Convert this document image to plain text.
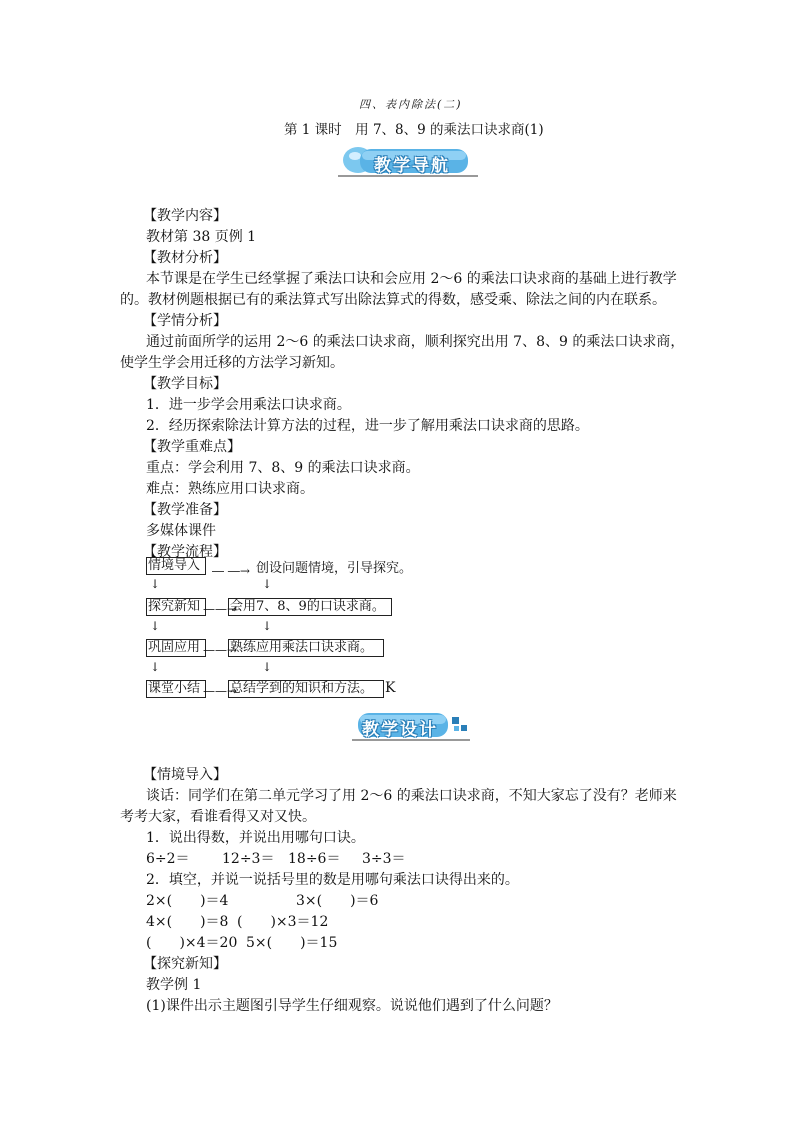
四、表内除法(二)
第 1 课时　用 7、8、9 的乘法口诀求商(1)
教学导航
【教学内容】
教材第 38 页例 1
【教材分析】
本节课是在学生已经掌握了乘法口诀和会应用 2～6 的乘法口诀求商的基础上进行教学
的。教材例题根据已有的乘法算式写出除法算式的得数，感受乘、除法之间的内在联系。
【学情分析】
通过前面所学的运用 2～6 的乘法口诀求商，顺利探究出用 7、8、9 的乘法口诀求商，
使学生学会用迁移的方法学习新知。
【教学目标】
1．进一步学会用乘法口诀求商。
2．经历探索除法计算方法的过程，进一步了解用乘法口诀求商的思路。
【教学重难点】
重点：学会利用 7、8、9 的乘法口诀求商。
难点：熟练应用口诀求商。
【教学准备】
多媒体课件
【教学流程】
情境导入 ― ―→ 创设问题情境，引导探究。
↓	↓
探究新知 ——→
会用7、8、9的口诀求商。
↓	↓
巩固应用 ——→
熟练应用乘法口诀求商。
↓	↓
课堂小结 ——→
总结学到的知识和方法。 K
教学设计
【情境导入】
谈话：同学们在第二单元学习了用 2～6 的乘法口诀求商，不知大家忘了没有？老师来
考考大家，看谁看得又对又快。
1．说出得数，并说出用哪句口诀。
6÷2＝ 12÷3＝ 18÷6＝ 3÷3＝
2．填空，并说一说括号里的数是用哪句乘法口诀得出来的。
2×(　　)＝4	3×(　　)＝6
4×(　　)＝8 (　　)×3＝12
(　　)×4＝20 5×(　　)＝15
【探究新知】
教学例 1
(1)课件出示主题图引导学生仔细观察。说说他们遇到了什么问题？
